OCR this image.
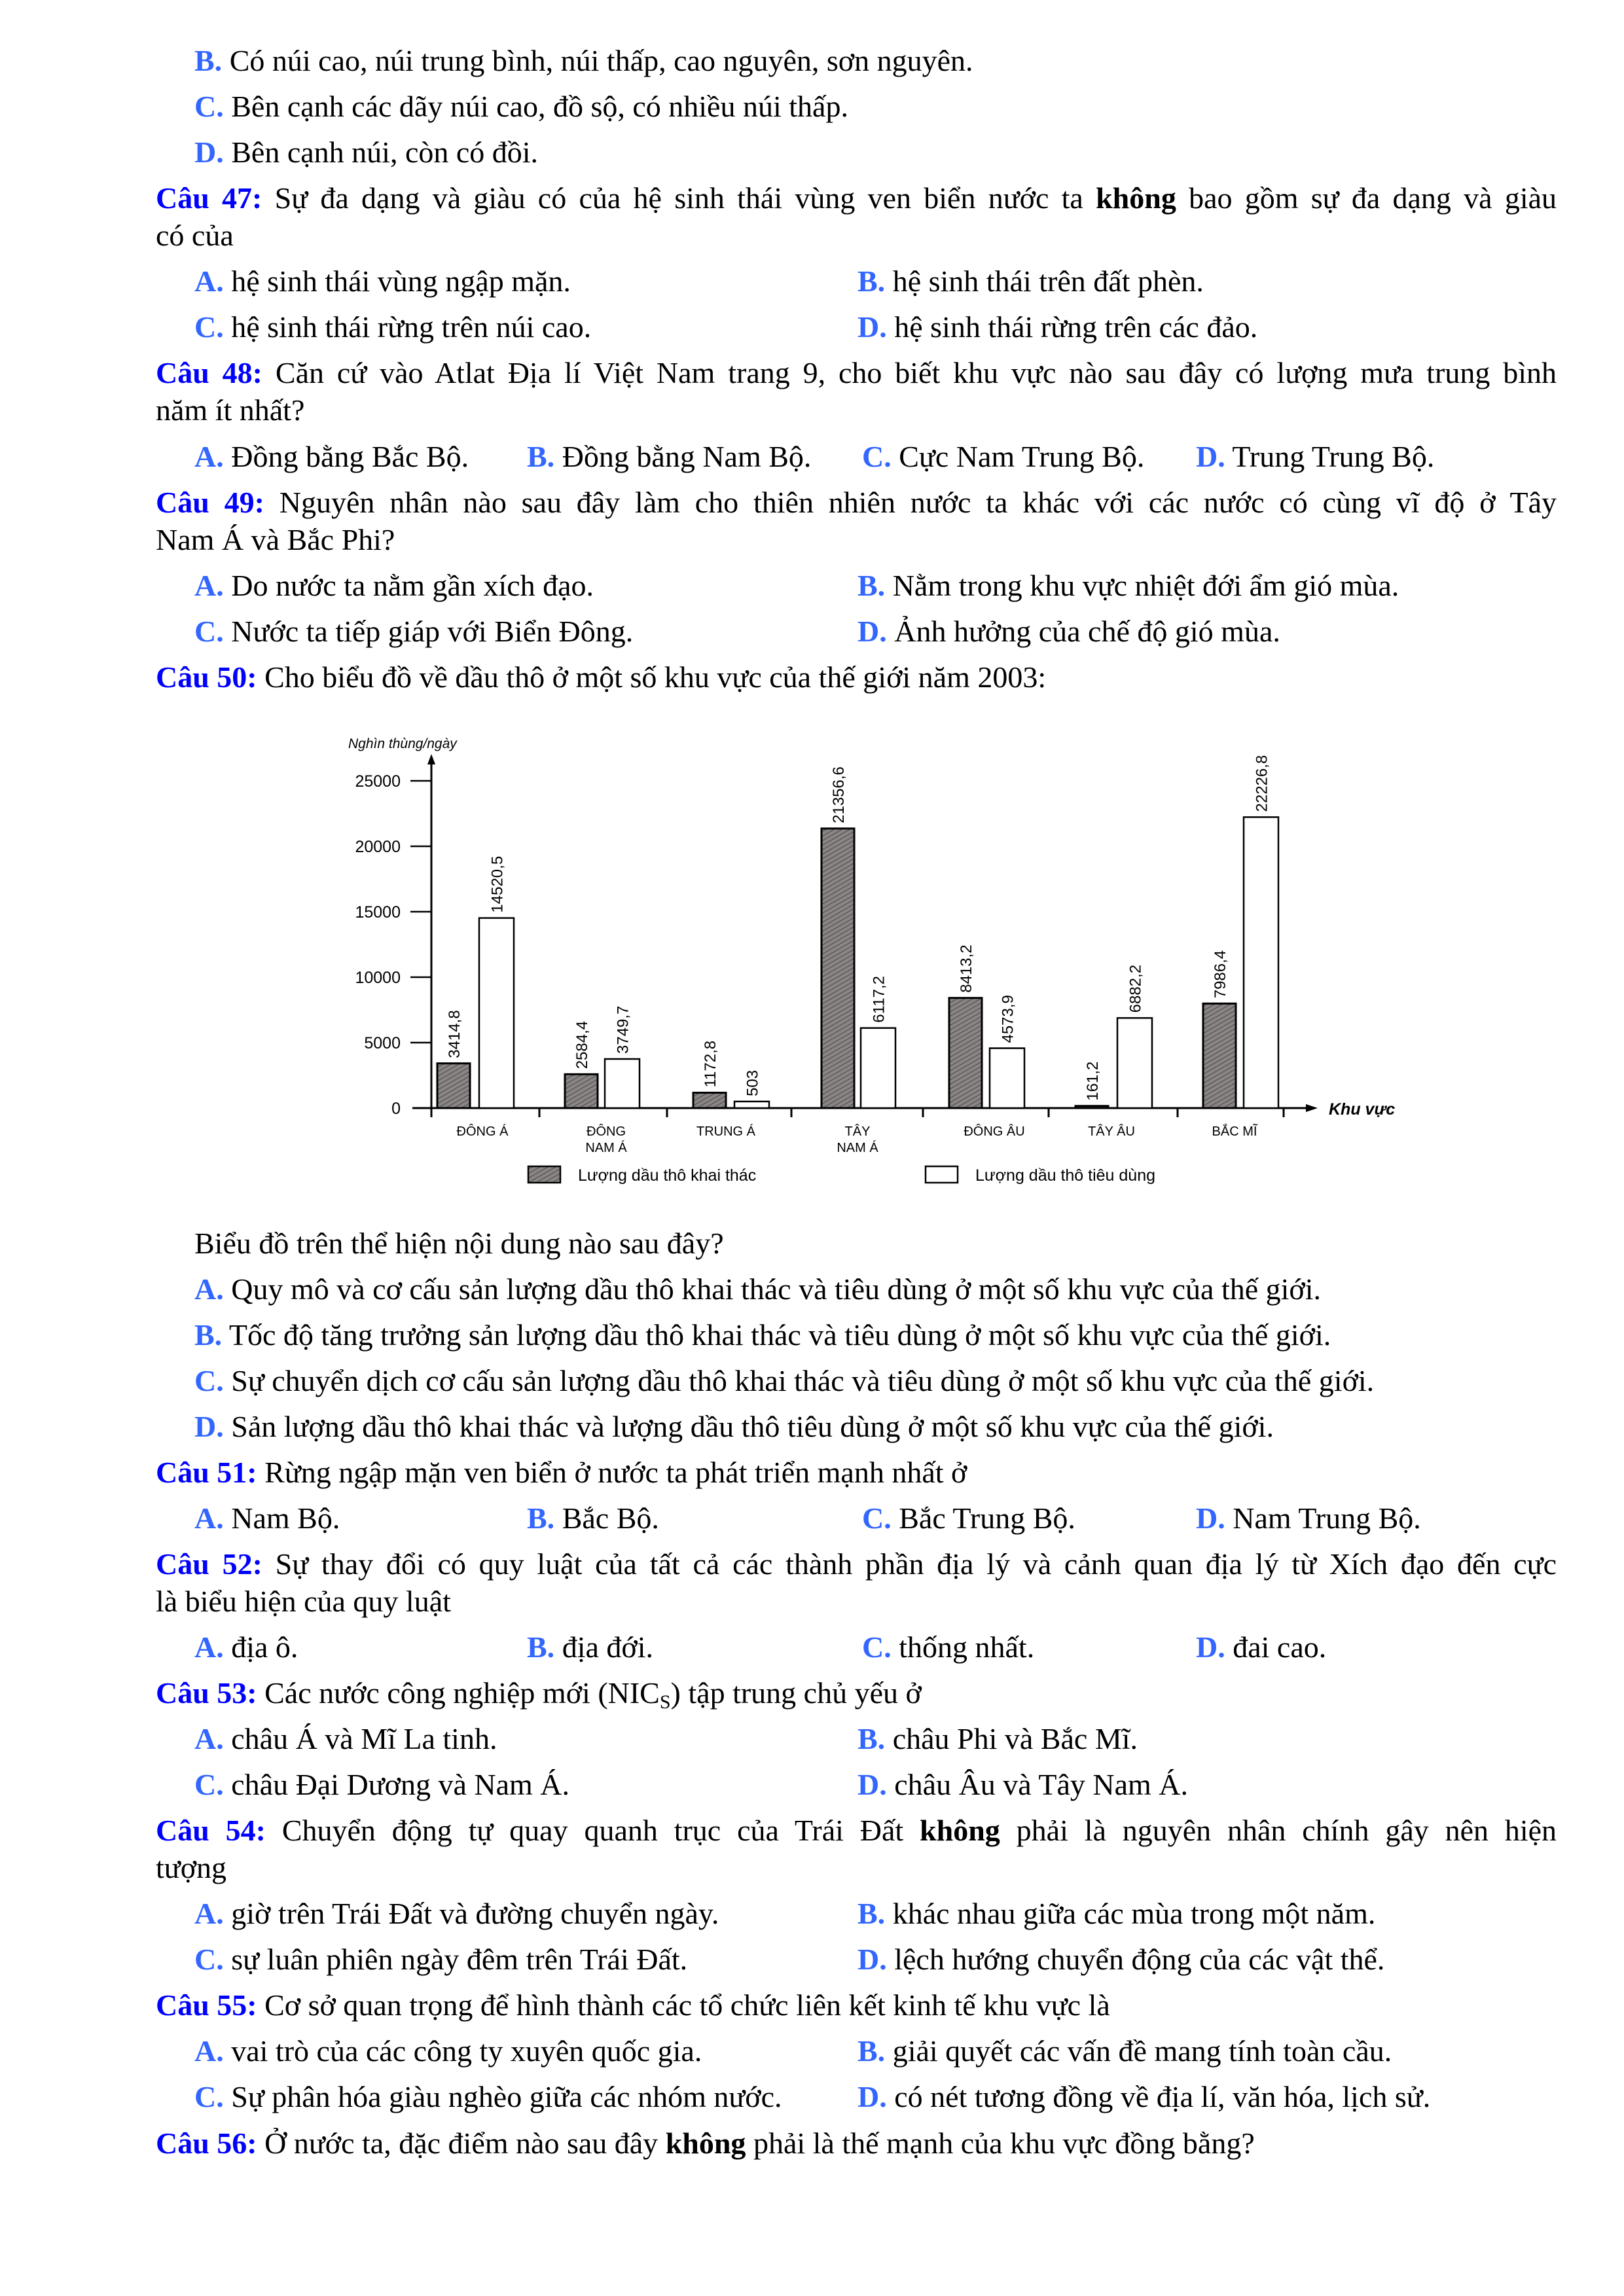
B. Có núi cao, núi trung bình, núi thấp, cao nguyên, sơn nguyên.
C. Bên cạnh các dãy núi cao, đồ sộ, có nhiều núi thấp.
D. Bên cạnh núi, còn có đồi.
Câu 47: Sự đa dạng và giàu có của hệ sinh thái vùng ven biển nước ta không bao gồm sự đa dạng và giàu
có của
A. hệ sinh thái vùng ngập mặn.	B. hệ sinh thái trên đất phèn.
C. hệ sinh thái rừng trên núi cao.	D. hệ sinh thái rừng trên các đảo.
Câu 48: Căn cứ vào Atlat Địa lí Việt Nam trang 9, cho biết khu vực nào sau đây có lượng mưa trung bình
năm ít nhất?
A. Đồng bằng Bắc Bộ. B. Đồng bằng Nam Bộ. C. Cực Nam Trung Bộ. D. Trung Trung Bộ.
Câu 49: Nguyên nhân nào sau đây làm cho thiên nhiên nước ta khác với các nước có cùng vĩ độ ở Tây
Nam Á và Bắc Phi?
A. Do nước ta nằm gần xích đạo.	B. Nằm trong khu vực nhiệt đới ẩm gió mùa.
C. Nước ta tiếp giáp với Biển Đông.	D. Ảnh hưởng của chế độ gió mùa.
Câu 50: Cho biểu đồ về dầu thô ở một số khu vực của thế giới năm 2003:
Nghìn thùng/ngày
0
5000
10000
15000
20000
25000
Khu vực
3414,8
14520,5
ĐÔNG Á
2584,4 3749,7
ĐÔNG
NAM Á
1172,8 503
TRUNG Á
21356,6
6117,2
TÂY
NAM Á
8413,2
4573,9
ĐÔNG ÂU
161,2
6882,2
TÂY ÂU
7986,4
22226,8
BẮC MĨ
Lượng dầu thô khai thác	Lượng dầu thô tiêu dùng
Biểu đồ trên thể hiện nội dung nào sau đây?
A. Quy mô và cơ cấu sản lượng dầu thô khai thác và tiêu dùng ở một số khu vực của thế giới.
B. Tốc độ tăng trưởng sản lượng dầu thô khai thác và tiêu dùng ở một số khu vực của thế giới.
C. Sự chuyển dịch cơ cấu sản lượng dầu thô khai thác và tiêu dùng ở một số khu vực của thế giới.
D. Sản lượng dầu thô khai thác và lượng dầu thô tiêu dùng ở một số khu vực của thế giới.
Câu 51: Rừng ngập mặn ven biển ở nước ta phát triển mạnh nhất ở
A. Nam Bộ.	B. Bắc Bộ.	C. Bắc Trung Bộ.	D. Nam Trung Bộ.
Câu 52: Sự thay đổi có quy luật của tất cả các thành phần địa lý và cảnh quan địa lý từ Xích đạo đến cực
là biểu hiện của quy luật
A. địa ô.	B. địa đới.	C. thống nhất.	D. đai cao.
Câu 53: Các nước công nghiệp mới $(NIC_S)$ tập trung chủ yếu ở
A. châu Á và Mĩ La tinh.	B. châu Phi và Bắc Mĩ.
C. châu Đại Dương và Nam Á.	D. châu Âu và Tây Nam Á.
Câu 54: Chuyển động tự quay quanh trục của Trái Đất không phải là nguyên nhân chính gây nên hiện
tượng
A. giờ trên Trái Đất và đường chuyển ngày.	B. khác nhau giữa các mùa trong một năm.
C. sự luân phiên ngày đêm trên Trái Đất.	D. lệch hướng chuyển động của các vật thể.
Câu 55: Cơ sở quan trọng để hình thành các tổ chức liên kết kinh tế khu vực là
A. vai trò của các công ty xuyên quốc gia.	B. giải quyết các vấn đề mang tính toàn cầu.
C. Sự phân hóa giàu nghèo giữa các nhóm nước.	D. có nét tương đồng về địa lí, văn hóa, lịch sử.
Câu 56: Ở nước ta, đặc điểm nào sau đây không phải là thế mạnh của khu vực đồng bằng?
